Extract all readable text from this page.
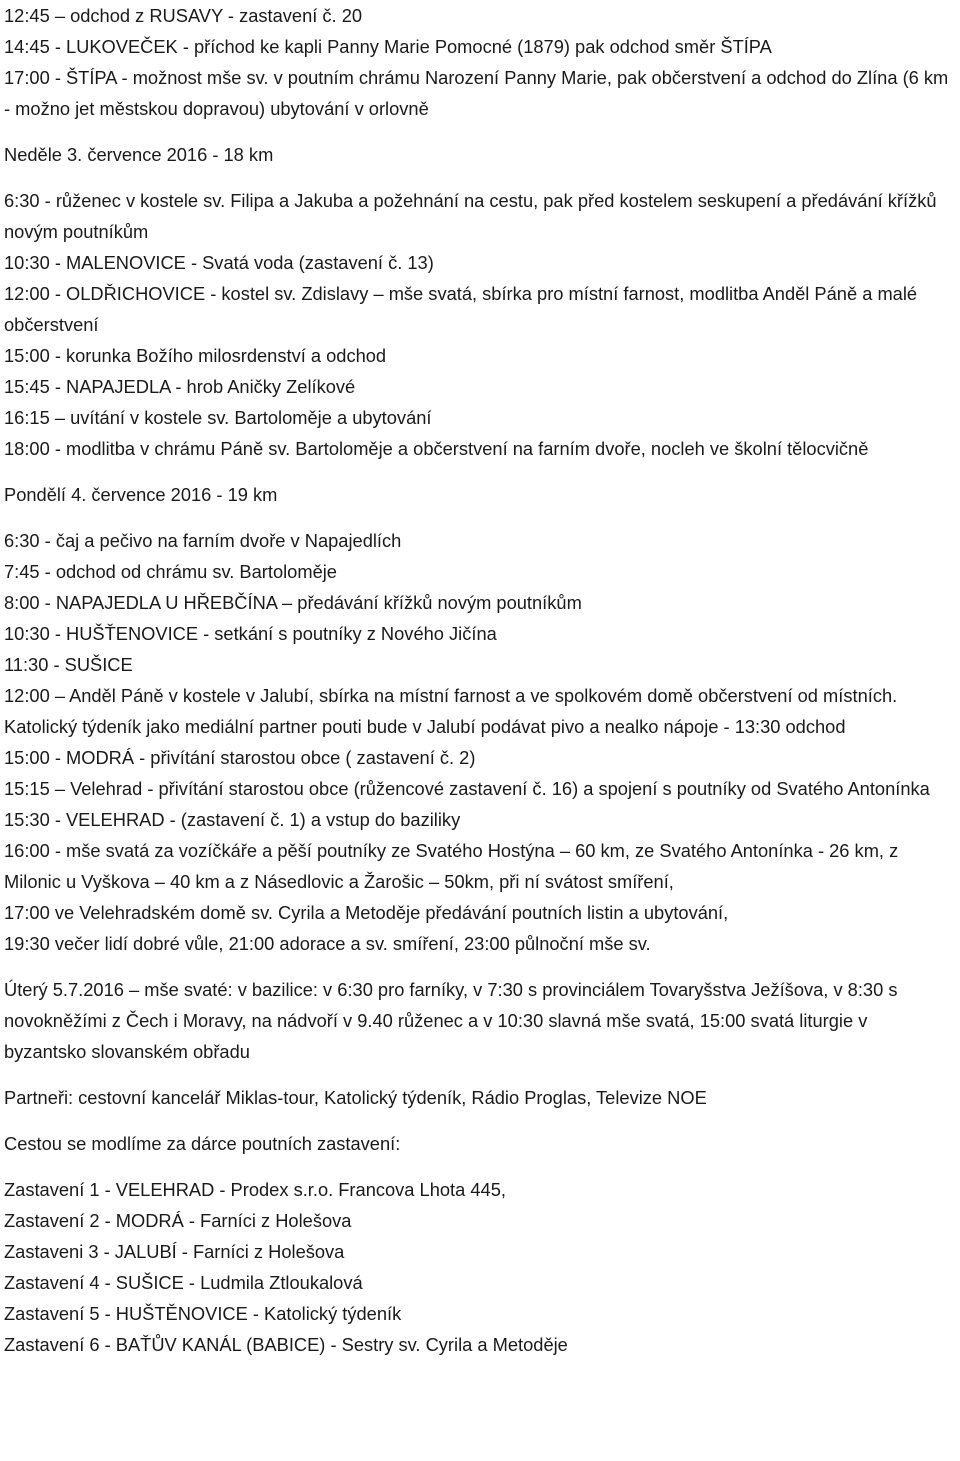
12:45 – odchod z RUSAVY - zastavení č. 20

14:45 - LUKOVEČEK - příchod ke kapli Panny Marie Pomocné (1879) pak odchod směr ŠTÍPA

17:00 - ŠTÍPA - možnost mše sv. v poutním chrámu Narození Panny Marie, pak občerstvení a odchod do Zlína (6 km - možno jet městskou dopravou) ubytování v orlovně

Neděle 3. července 2016 - 18 km

6:30 - růženec v kostele sv. Filipa a Jakuba a požehnání na cestu, pak před kostelem seskupení a předávání křížků novým poutníkům

10:30 - MALENOVICE - Svatá voda (zastavení č. 13)

12:00 - OLDŘICHOVICE - kostel sv. Zdislavy – mše svatá, sbírka pro místní farnost, modlitba Anděl Páně a malé občerstvení

15:00 - korunka Božího milosrdenství a odchod

15:45 - NAPAJEDLA - hrob Aničky Zelíkové

16:15 – uvítání v kostele sv. Bartoloměje a ubytování

18:00 - modlitba v chrámu Páně sv. Bartoloměje a občerstvení na farním dvoře, nocleh ve školní tělocvičně

Pondělí 4. července 2016 - 19 km

6:30 - čaj a pečivo na farním dvoře v Napajedlích

7:45 - odchod od chrámu sv. Bartoloměje

8:00 - NAPAJEDLA U HŘEBČÍNA – předávání křížků novým poutníkům

10:30 - HUŠŤENOVICE - setkání s poutníky z Nového Jičína

11:30 - SUŠICE

12:00 – Anděl Páně v kostele v Jalubí, sbírka na místní farnost a ve spolkovém domě občerstvení od místních. Katolický týdeník jako mediální partner pouti bude v Jalubí podávat pivo a nealko nápoje - 13:30 odchod

15:00 - MODRÁ - přivítání starostou obce ( zastavení č. 2)

15:15 – Velehrad - přivítání starostou obce (růžencové zastavení č. 16) a spojení s poutníky od Svatého Antonínka

15:30 - VELEHRAD - (zastavení č. 1) a vstup do baziliky

16:00 - mše svatá za vozíčkáře a pěší poutníky ze Svatého Hostýna – 60 km, ze Svatého Antonínka - 26 km, z Milonic u Vyškova – 40 km a z Násedlovic a Žarošic – 50km, při ní svátost smíření,

17:00 ve Velehradském domě sv. Cyrila a Metoděje předávání poutních listin a ubytování,

19:30 večer lidí dobré vůle, 21:00 adorace a sv. smíření, 23:00 půlnoční mše sv.

Úterý 5.7.2016 – mše svaté: v bazilice: v 6:30 pro farníky, v 7:30 s provinciálem Tovaryšstva Ježíšova, v 8:30 s novokněžími z Čech i Moravy, na nádvoří v 9.40 růženec a v 10:30 slavná mše svatá, 15:00 svatá liturgie v byzantsko slovanském obřadu

Partneři: cestovní kancelář Miklas-tour, Katolický týdeník, Rádio Proglas, Televize NOE

Cestou se modlíme za dárce poutních zastavení:

Zastavení 1 - VELEHRAD - Prodex s.r.o. Francova Lhota 445,

Zastavení 2 - MODRÁ - Farníci z Holešova

Zastaveni 3 - JALUBÍ - Farníci z Holešova

Zastavení 4 - SUŠICE - Ludmila Ztloukalová

Zastavení 5 - HUŠTĚNOVICE - Katolický týdeník

Zastavení 6 - BAŤŮV KANÁL (BABICE) - Sestry sv. Cyrila a Metoděje
